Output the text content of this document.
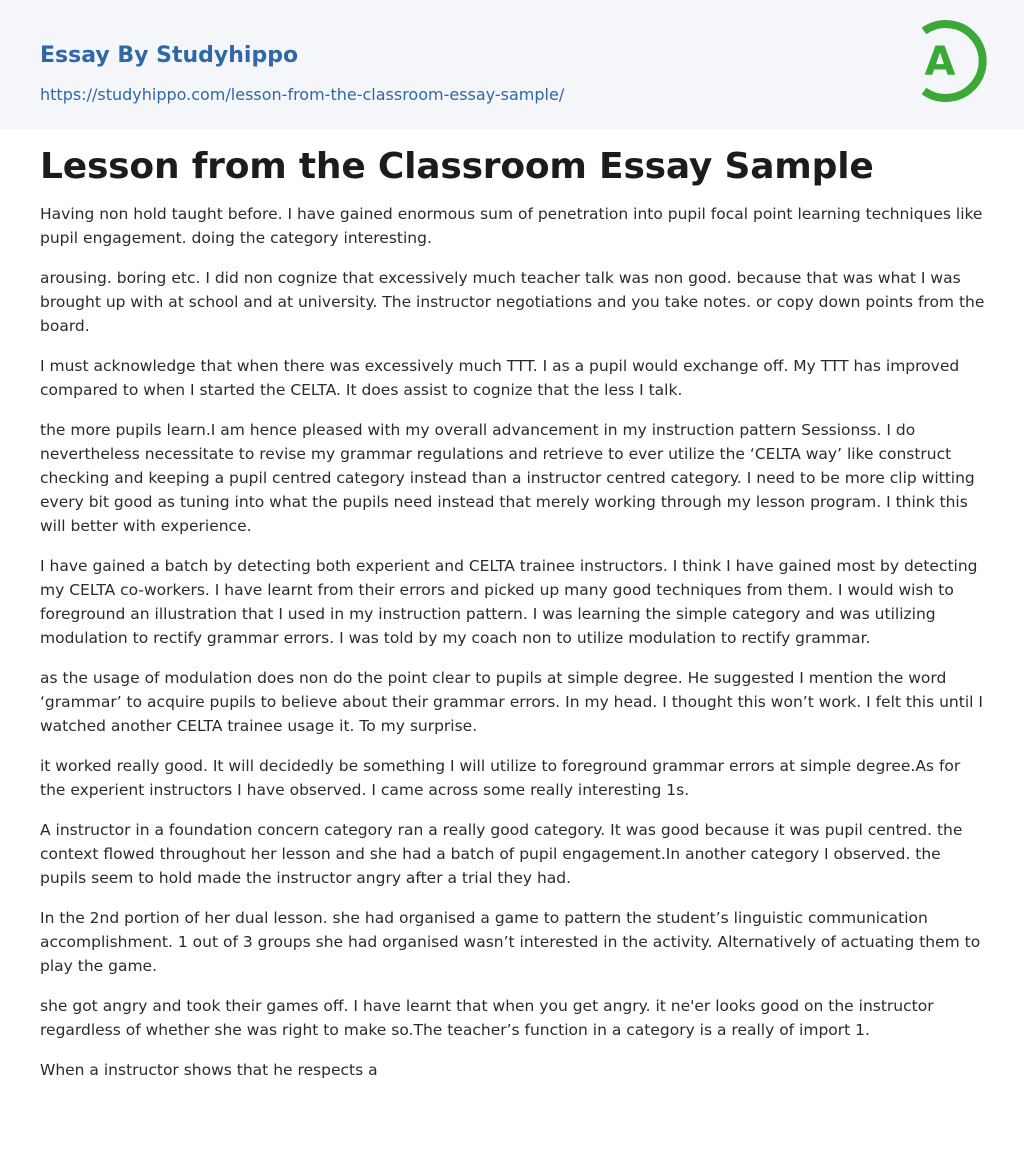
Essay By Studyhippo
https://studyhippo.com/lesson-from-the-classroom-essay-sample/
A
Lesson from the Classroom Essay Sample

Having non hold taught before. I have gained enormous sum of penetration into pupil focal point learning techniques like pupil engagement. doing the category interesting.

arousing. boring etc. I did non cognize that excessively much teacher talk was non good. because that was what I was brought up with at school and at university. The instructor negotiations and you take notes. or copy down points from the board.

I must acknowledge that when there was excessively much TTT. I as a pupil would exchange off. My TTT has improved compared to when I started the CELTA. It does assist to cognize that the less I talk.

the more pupils learn.I am hence pleased with my overall advancement in my instruction pattern Sessionss. I do nevertheless necessitate to revise my grammar regulations and retrieve to ever utilize the ‘CELTA way’ like construct checking and keeping a pupil centred category instead than a instructor centred category. I need to be more clip witting every bit good as tuning into what the pupils need instead that merely working through my lesson program. I think this will better with experience.

I have gained a batch by detecting both experient and CELTA trainee instructors. I think I have gained most by detecting my CELTA co-workers. I have learnt from their errors and picked up many good techniques from them. I would wish to foreground an illustration that I used in my instruction pattern. I was learning the simple category and was utilizing modulation to rectify grammar errors. I was told by my coach non to utilize modulation to rectify grammar.

as the usage of modulation does non do the point clear to pupils at simple degree. He suggested I mention the word ‘grammar’ to acquire pupils to believe about their grammar errors. In my head. I thought this won’t work. I felt this until I watched another CELTA trainee usage it. To my surprise.

it worked really good. It will decidedly be something I will utilize to foreground grammar errors at simple degree.As for the experient instructors I have observed. I came across some really interesting 1s.

A instructor in a foundation concern category ran a really good category. It was good because it was pupil centred. the context flowed throughout her lesson and she had a batch of pupil engagement.In another category I observed. the pupils seem to hold made the instructor angry after a trial they had.

In the 2nd portion of her dual lesson. she had organised a game to pattern the student’s linguistic communication accomplishment. 1 out of 3 groups she had organised wasn’t interested in the activity. Alternatively of actuating them to play the game.

she got angry and took their games off. I have learnt that when you get angry. it ne'er looks good on the instructor regardless of whether she was right to make so.The teacher’s function in a category is a really of import 1.

When a instructor shows that he respects a
